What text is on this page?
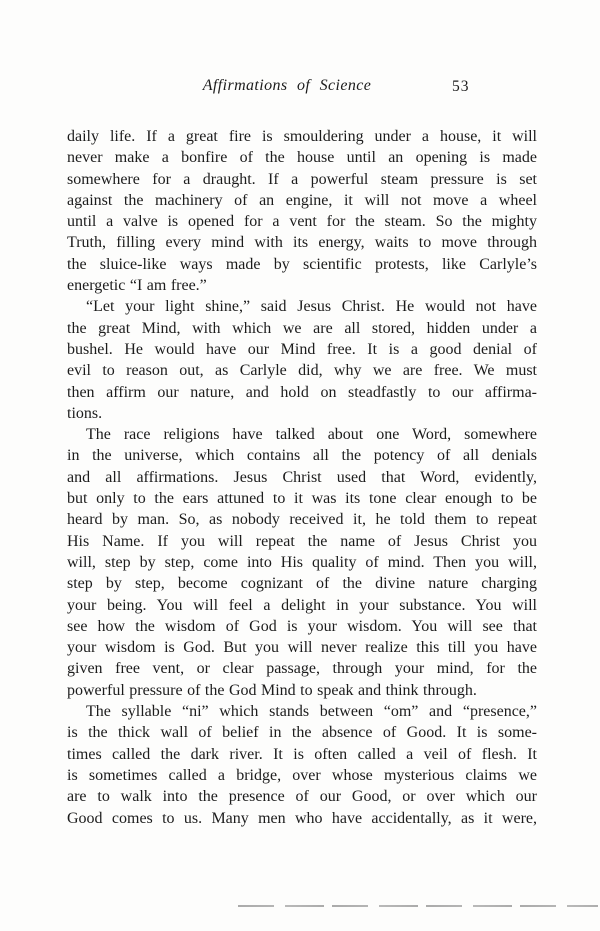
Affirmations of Science	53
daily life. If a great fire is smouldering under a house, it will
never make a bonfire of the house until an opening is made
somewhere for a draught. If a powerful steam pressure is set
against the machinery of an engine, it will not move a wheel
until a valve is opened for a vent for the steam. So the mighty
Truth, filling every mind with its energy, waits to move through
the sluice-like ways made by scientific protests, like Carlyle’s
energetic “I am free.”
“Let your light shine,” said Jesus Christ. He would not have
the great Mind, with which we are all stored, hidden under a
bushel. He would have our Mind free. It is a good denial of
evil to reason out, as Carlyle did, why we are free. We must
then affirm our nature, and hold on steadfastly to our affirma-
tions.
The race religions have talked about one Word, somewhere
in the universe, which contains all the potency of all denials
and all affirmations. Jesus Christ used that Word, evidently,
but only to the ears attuned to it was its tone clear enough to be
heard by man. So, as nobody received it, he told them to repeat
His Name. If you will repeat the name of Jesus Christ you
will, step by step, come into His quality of mind. Then you will,
step by step, become cognizant of the divine nature charging
your being. You will feel a delight in your substance. You will
see how the wisdom of God is your wisdom. You will see that
your wisdom is God. But you will never realize this till you have
given free vent, or clear passage, through your mind, for the
powerful pressure of the God Mind to speak and think through.
The syllable “ni” which stands between “om” and “presence,”
is the thick wall of belief in the absence of Good. It is some-
times called the dark river. It is often called a veil of flesh. It
is sometimes called a bridge, over whose mysterious claims we
are to walk into the presence of our Good, or over which our
Good comes to us. Many men who have accidentally, as it were,
